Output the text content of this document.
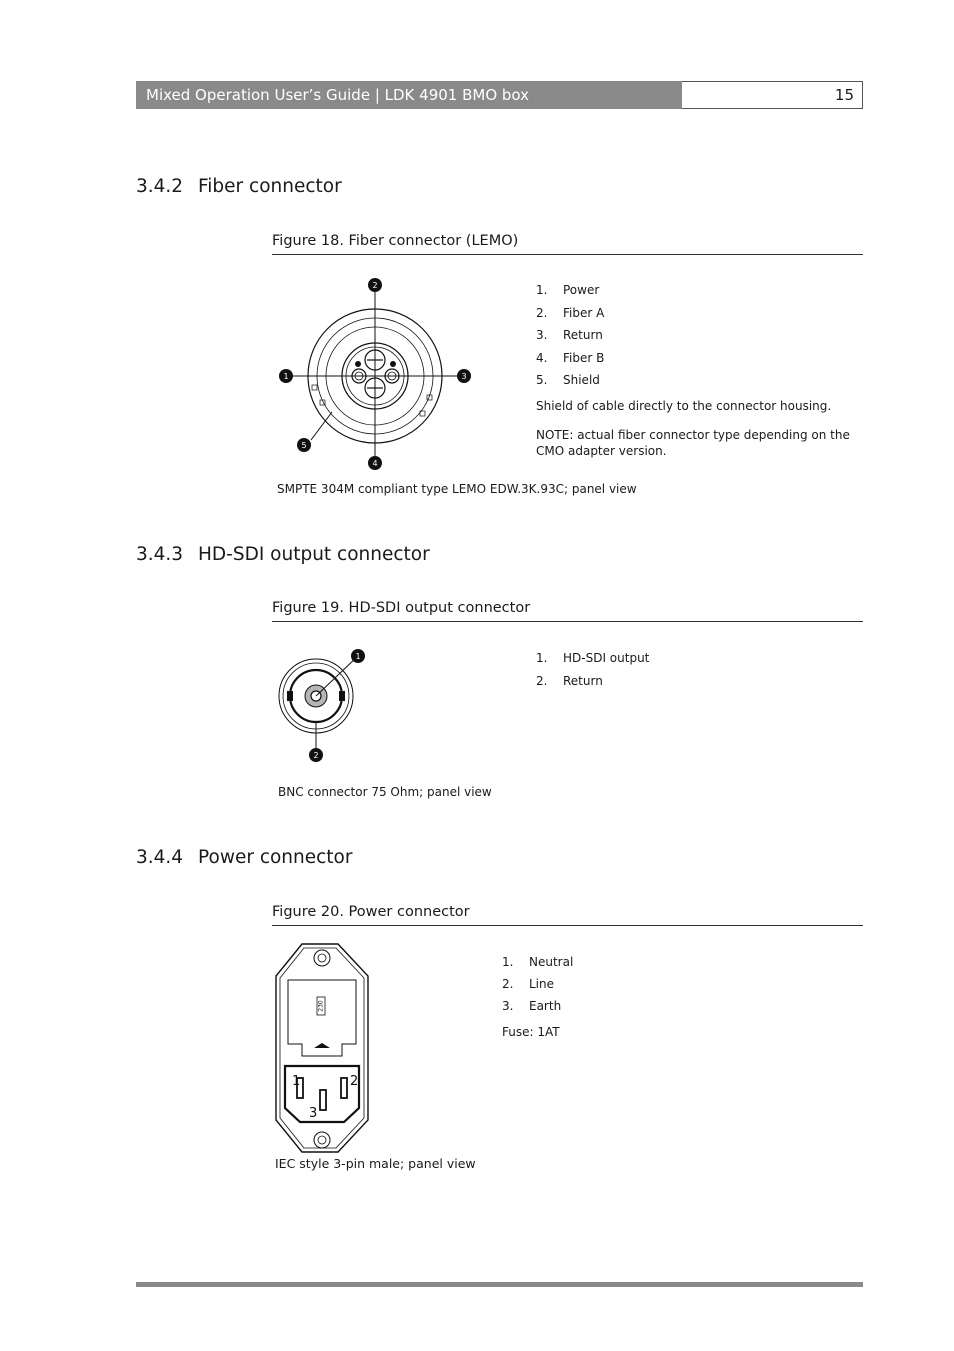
Mixed Operation User’s Guide | LDK 4901 BMO box	15
3.4.2 Fiber connector
Figure 18. Fiber connector (LEMO)
1
2
3
4
5
1. Power
2. Fiber A
3. Return
4. Fiber B
5. Shield
Shield of cable directly to the connector housing.
NOTE: actual fiber connector type depending on the CMO adapter version.
SMPTE 304M compliant type LEMO EDW.3K.93C; panel view
3.4.3 HD-SDI output connector
Figure 19. HD-SDI output connector
1
2
1. HD-SDI output
2. Return
BNC connector 75 Ohm; panel view
3.4.4 Power connector
Figure 20. Power connector
230
1	2
3
1. Neutral
2. Line
3. Earth
Fuse: 1AT
IEC style 3-pin male; panel view
